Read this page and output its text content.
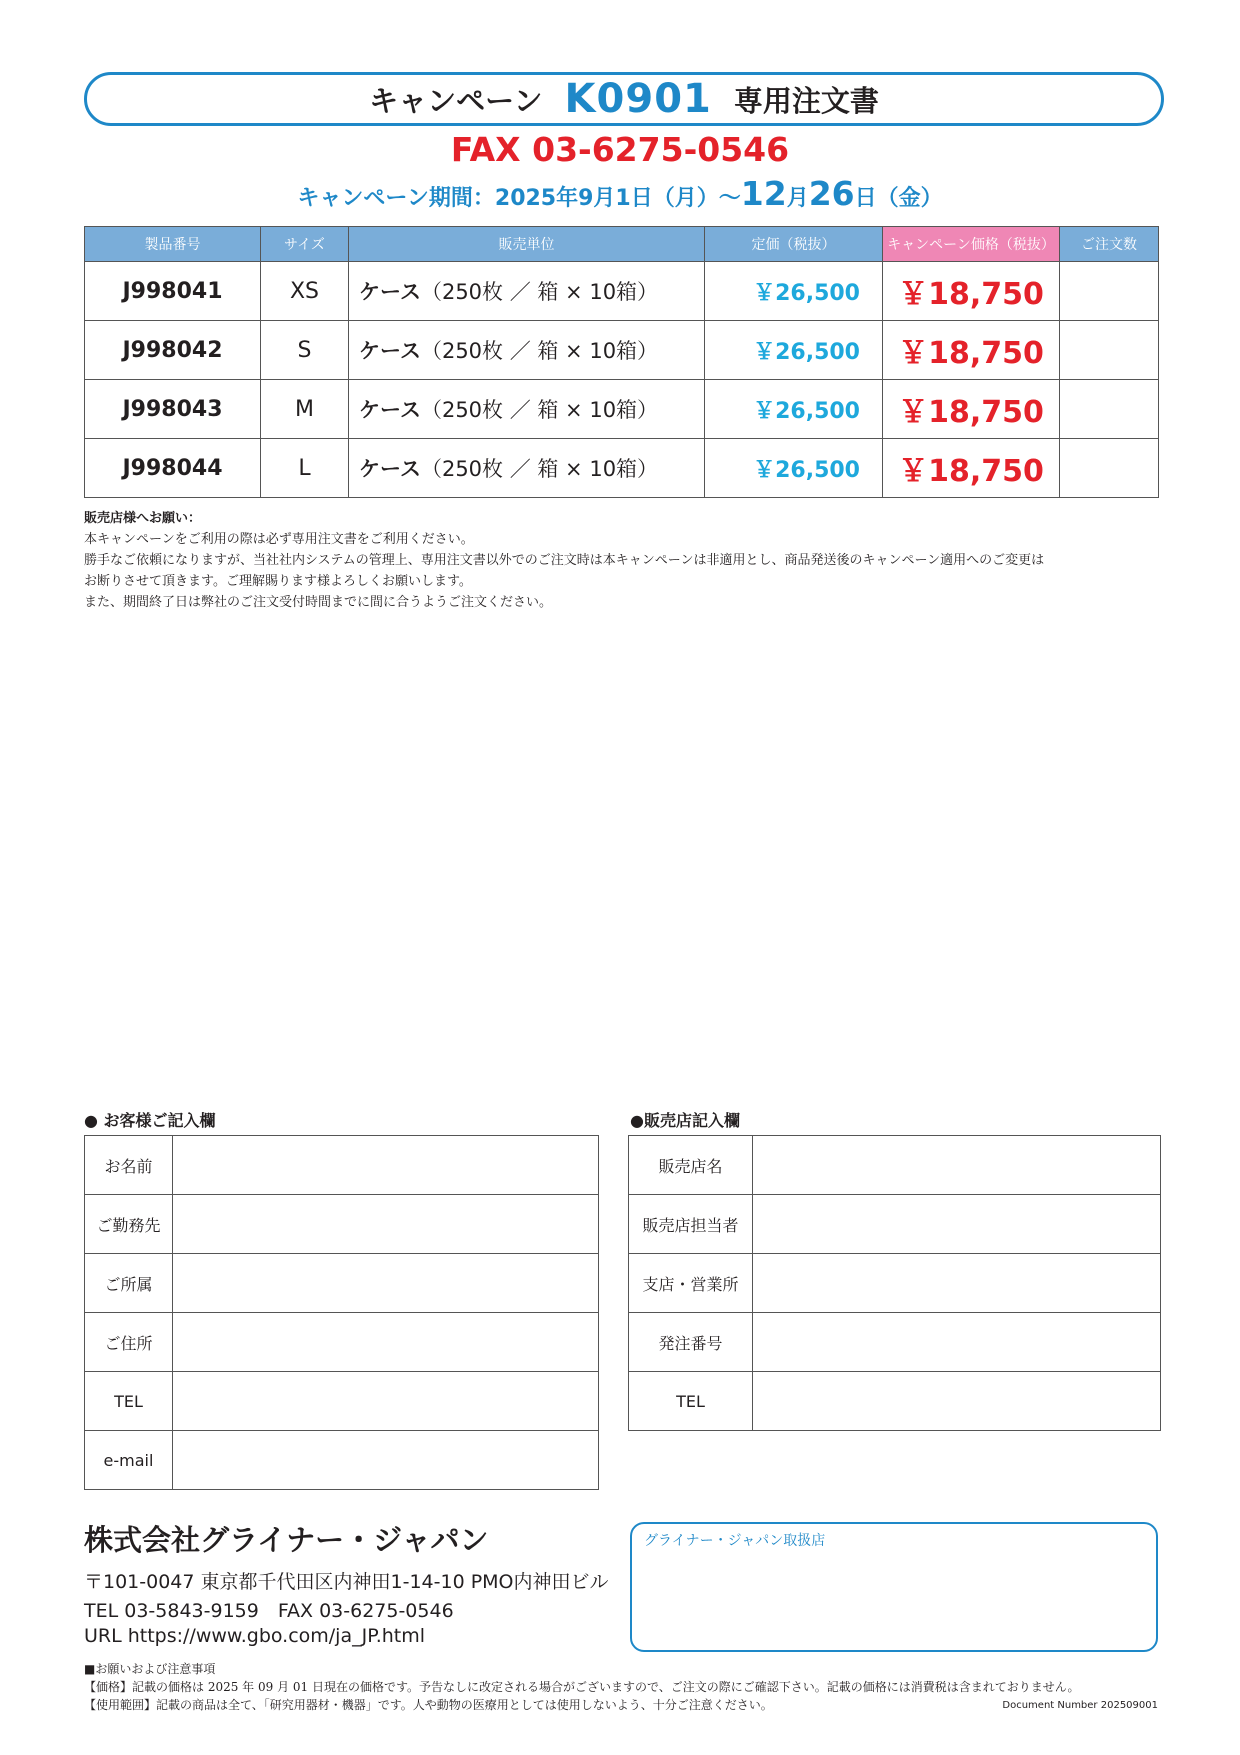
キャンペーン K0901 専用注文書
FAX 03-6275-0546
キャンペーン期間：2025年9月1日（月）〜12月26日（金）
製品番号	サイズ	販売単位	定価（税抜）	キャンペーン価格（税抜）	ご注文数
J998041	XS	ケース（250枚 ／ 箱 × 10箱）	￥26,500	￥18,750	
J998042	S	ケース（250枚 ／ 箱 × 10箱）	￥26,500	￥18,750	
J998043	M	ケース（250枚 ／ 箱 × 10箱）	￥26,500	￥18,750	
J998044	L	ケース（250枚 ／ 箱 × 10箱）	￥26,500	￥18,750	
販売店様へお願い：
本キャンペーンをご利用の際は必ず専用注文書をご利用ください。
勝手なご依頼になりますが、当社社内システムの管理上、専用注文書以外でのご注文時は本キャンペーンは非適用とし、商品発送後のキャンペーン適用へのご変更は
お断りさせて頂きます。ご理解賜ります様よろしくお願いします。
また、期間終了日は弊社のご注文受付時間までに間に合うようご注文ください。
● お客様ご記入欄
お名前	
ご勤務先	
ご所属	
ご住所	
TEL	
e-mail	
●販売店記入欄
販売店名	
販売店担当者	
支店・営業所	
発注番号	
TEL	
株式会社グライナー・ジャパン
〒101-0047 東京都千代田区内神田1-14-10 PMO内神田ビル
TEL 03-5843-9159　FAX 03-6275-0546
URL https://www.gbo.com/ja_JP.html
グライナー・ジャパン取扱店
■お願いおよび注意事項
【価格】記載の価格は 2025 年 09 月 01 日現在の価格です。予告なしに改定される場合がございますので、ご注文の際にご確認下さい。記載の価格には消費税は含まれておりません。
【使用範囲】記載の商品は全て、「研究用器材・機器」です。人や動物の医療用としては使用しないよう、十分ご注意ください。	Document Number 202509001
